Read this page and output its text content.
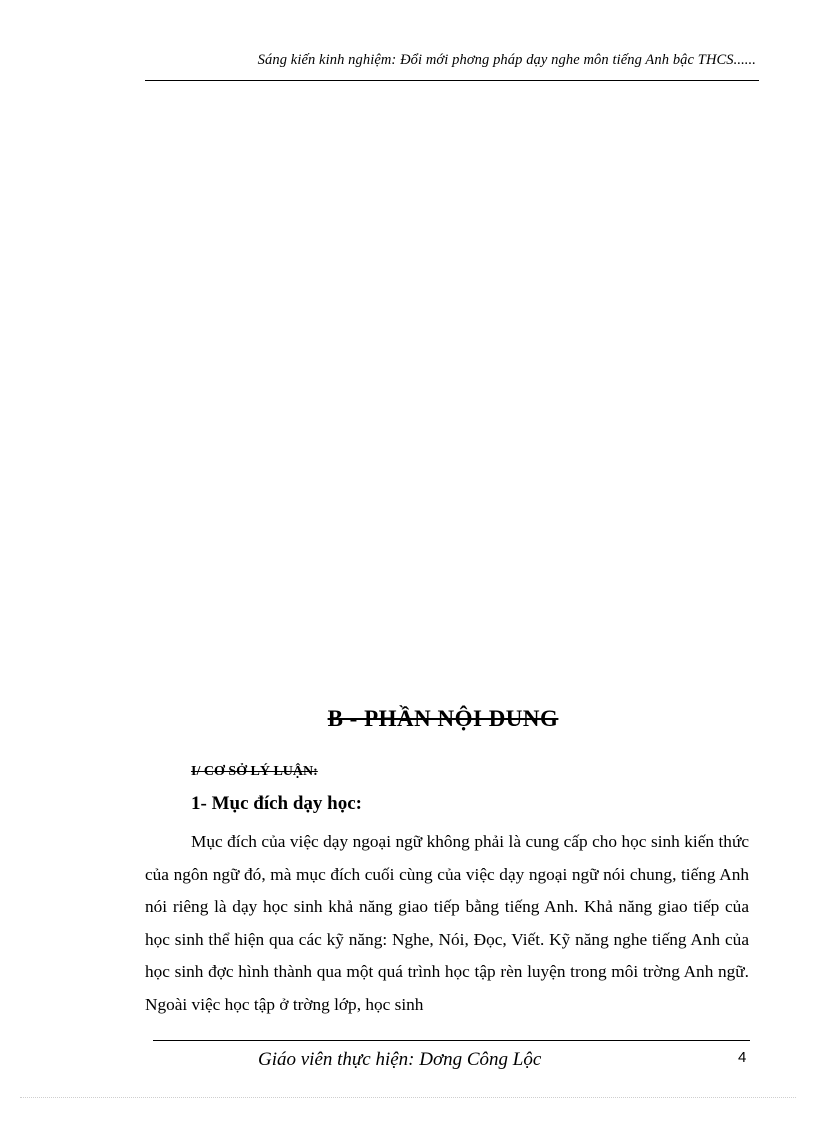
Sáng kiến kinh nghiệm: Đổi mới phơng pháp dạy nghe môn tiếng Anh bậc THCS......
B - PHẦN NỘI DUNG
I/ CƠ SỞ LÝ LUẬN:
1- Mục đích dạy học:

Mục đích của việc dạy ngoại ngữ không phải là cung cấp cho học sinh kiến thức của ngôn ngữ đó, mà mục đích cuối cùng của việc dạy ngoại ngữ nói chung, tiếng Anh nói riêng là dạy học sinh khả năng giao tiếp bằng tiếng Anh. Khả năng giao tiếp của học sinh thể hiện qua các kỹ năng: Nghe, Nói, Đọc, Viết. Kỹ năng nghe tiếng Anh của học sinh đợc hình thành qua một quá trình học tập rèn luyện trong môi trờng Anh ngữ. Ngoài việc học tập ở trờng lớp, học sinh

Giáo viên thực hiện: Dơng Công Lộc	4
